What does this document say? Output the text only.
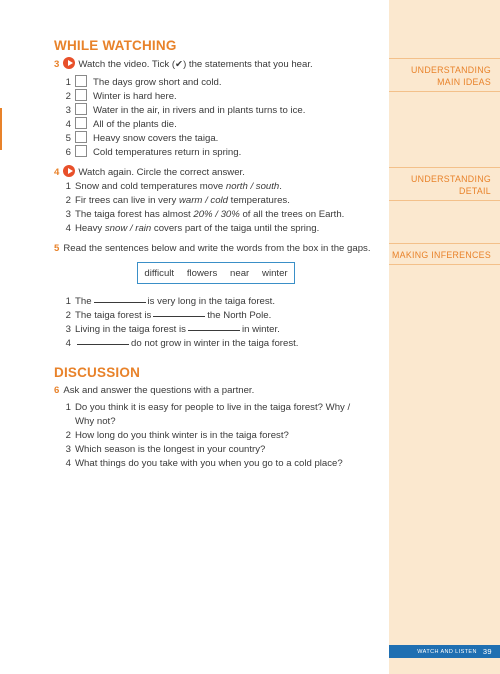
UNDERSTANDING
MAIN IDEAS
UNDERSTANDING
DETAIL
MAKING INFERENCES
WHILE WATCHING
3 Watch the video. Tick (✔) the statements that you hear.
1 The days grow short and cold.
2 Winter is hard here.
3 Water in the air, in rivers and in plants turns to ice.
4 All of the plants die.
5 Heavy snow covers the taiga.
6 Cold temperatures return in spring.
4 Watch again. Circle the correct answer.
1 Snow and cold temperatures move north / south.
2 Fir trees can live in very warm / cold temperatures.
3 The taiga forest has almost 20% / 30% of all the trees on Earth.
4 Heavy snow / rain covers part of the taiga until the spring.
5 Read the sentences below and write the words from the box in the gaps.
difficult flowers near winter
1 The	is very long in the taiga forest.
2 The taiga forest is	the North Pole.
3 Living in the taiga forest is	in winter.
4	do not grow in winter in the taiga forest.
DISCUSSION
6 Ask and answer the questions with a partner.
1 Do you think it is easy for people to live in the taiga forest? Why /
Why not?
2 How long do you think winter is in the taiga forest?
3 Which season is the longest in your country?
4 What things do you take with you when you go to a cold place?
WATCH AND LISTEN 39
